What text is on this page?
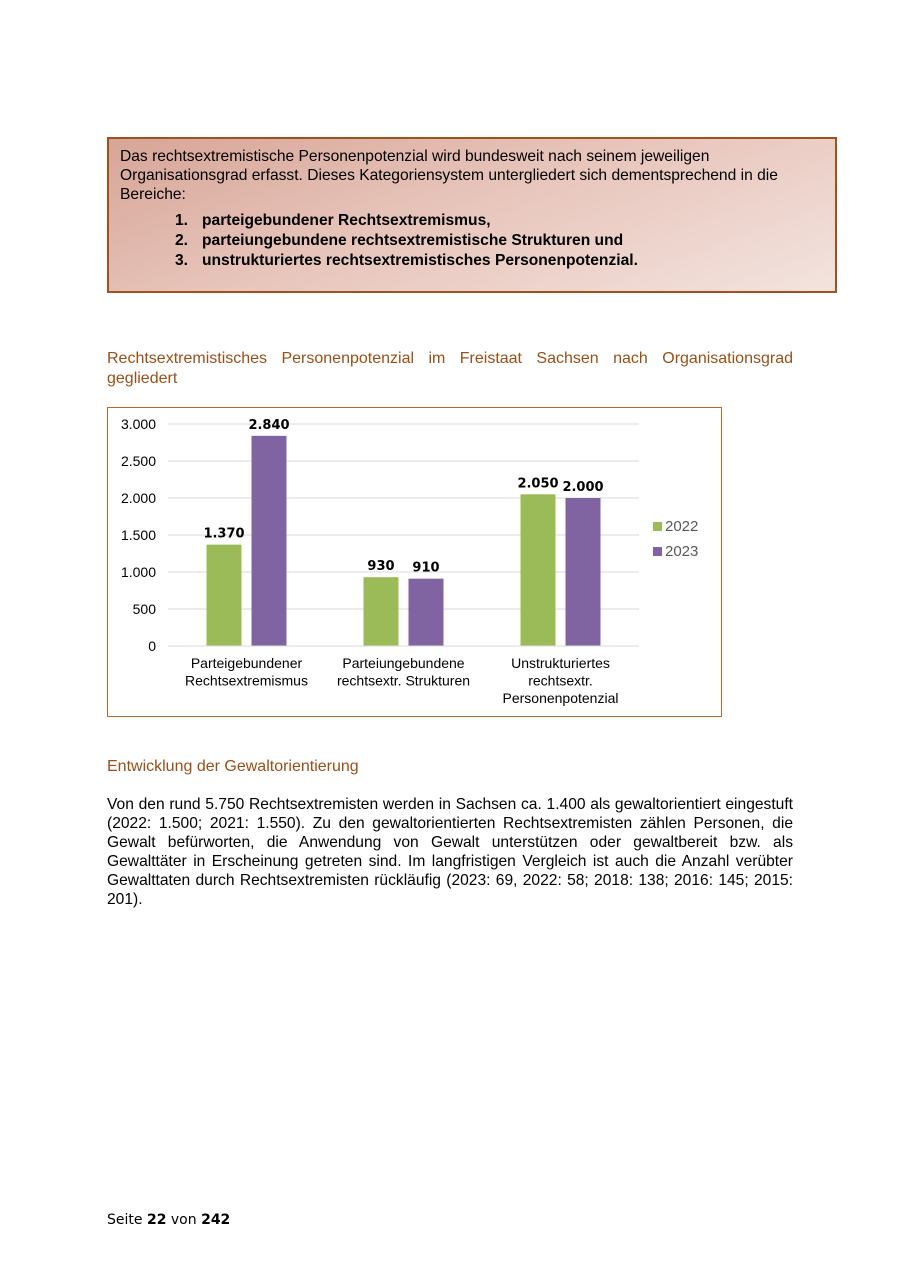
Das rechtsextremistische Personenpotenzial wird bundesweit nach seinem jeweiligen Organisationsgrad erfasst. Dieses Kategoriensystem untergliedert sich dementsprechend in die Bereiche:

1. parteigebundener Rechtsextremismus,
2. parteiungebundene rechtsextremistische Strukturen und
3. unstrukturiertes rechtsextremistisches Personenpotenzial.

Rechtsextremistisches Personenpotenzial im Freistaat Sachsen nach Organisationsgrad gegliedert

0
500
1.000
1.500
2.000
2.500
3.000
1.370
2.840
Parteigebundener
Rechtsextremismus
930 910
Parteiungebundene
rechtsextr. Strukturen
2.050 2.000
Unstrukturiertes
rechtsextr.
Personenpotenzial
2022
2023

Entwicklung der Gewaltorientierung

Von den rund 5.750 Rechtsextremisten werden in Sachsen ca. 1.400 als gewaltorientiert eingestuft (2022: 1.500; 2021: 1.550). Zu den gewaltorientierten Rechtsextremisten zählen Personen, die Gewalt befürworten, die Anwendung von Gewalt unterstützen oder gewaltbereit bzw. als Gewalttäter in Erscheinung getreten sind. Im langfristigen Vergleich ist auch die Anzahl verübter Gewalttaten durch Rechtsextremisten rückläufig (2023: 69, 2022: 58; 2018: 138; 2016: 145; 2015: 201).

Seite 22 von 242
